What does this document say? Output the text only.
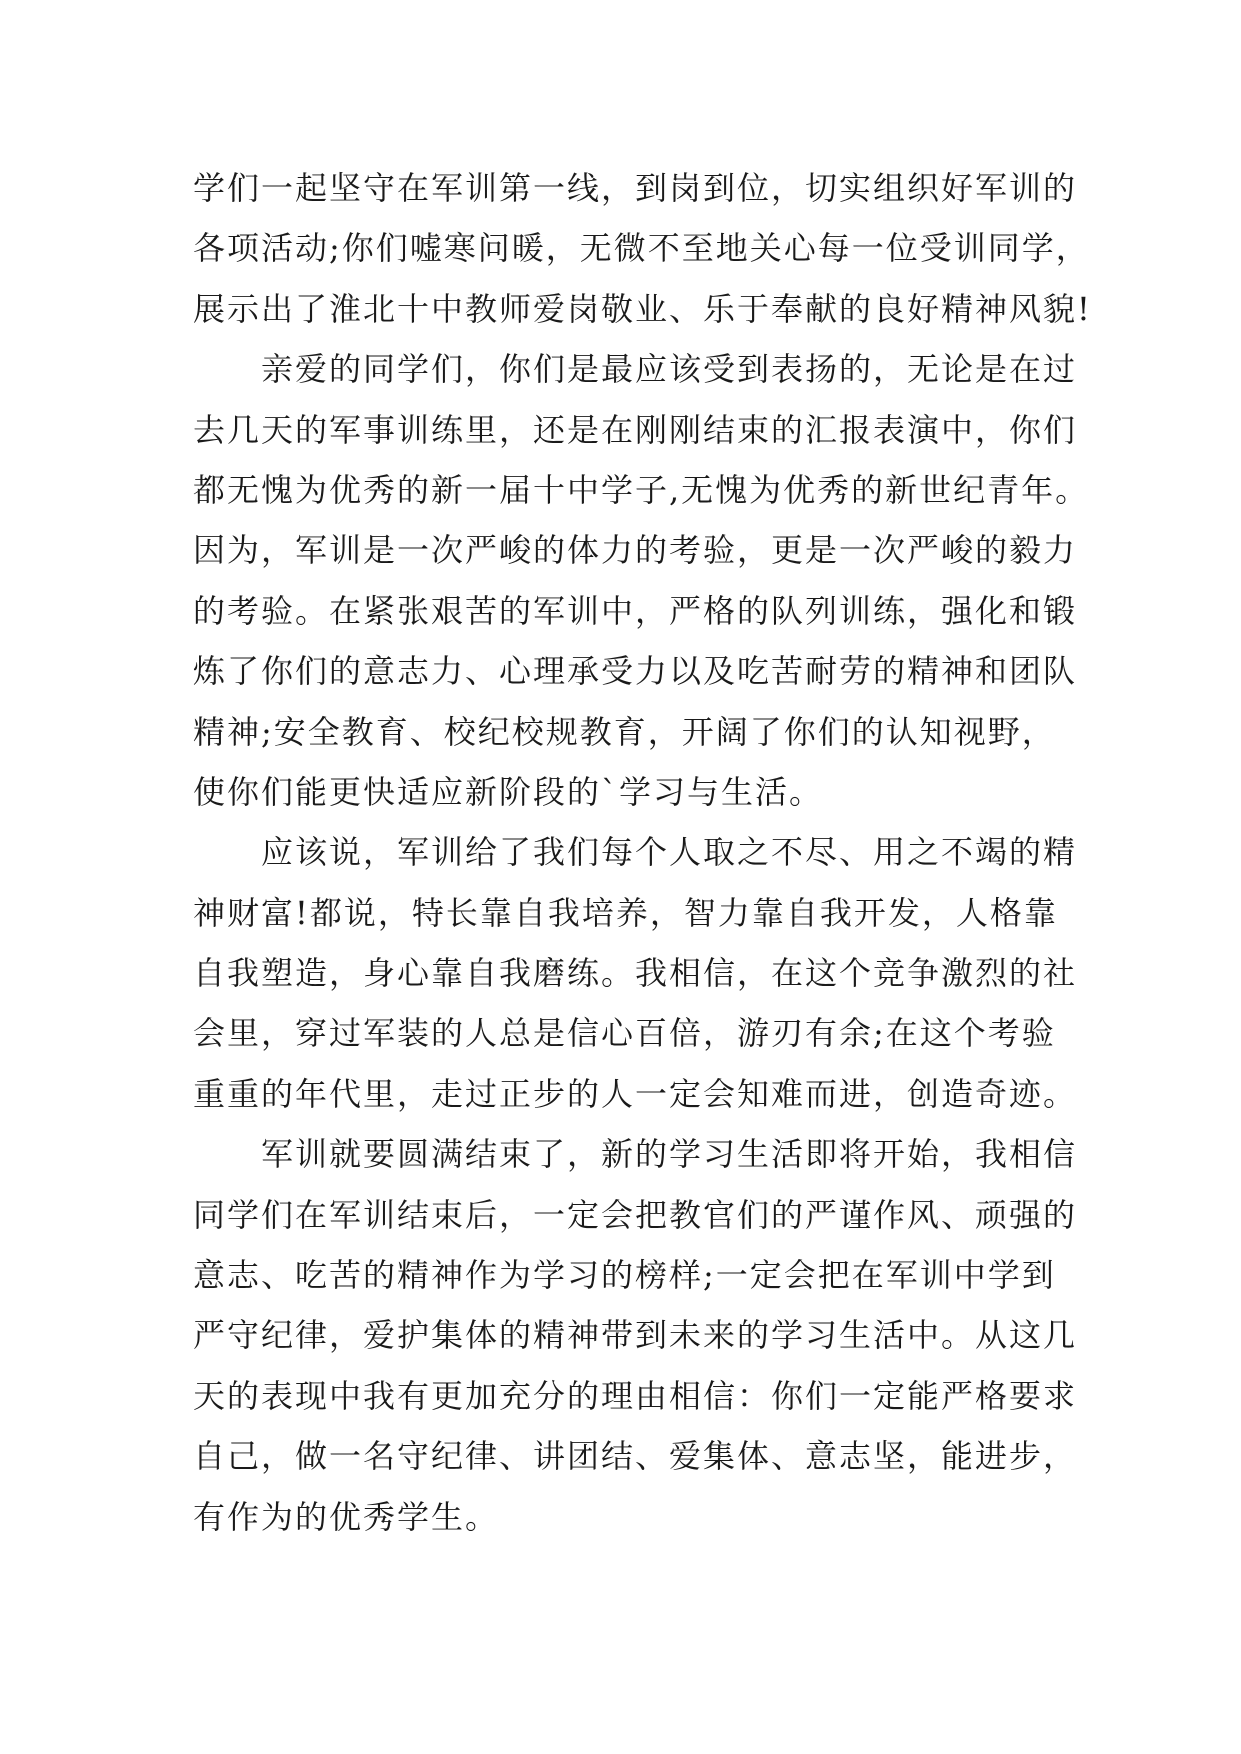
学们一起坚守在军训第一线，到岗到位，切实组织好军训的
各项活动;你们嘘寒问暖，无微不至地关心每一位受训同学，
展示出了淮北十中教师爱岗敬业、乐于奉献的良好精神风貌!
亲爱的同学们，你们是最应该受到表扬的，无论是在过
去几天的军事训练里，还是在刚刚结束的汇报表演中，你们
都无愧为优秀的新一届十中学子,无愧为优秀的新世纪青年。
因为，军训是一次严峻的体力的考验，更是一次严峻的毅力
的考验。在紧张艰苦的军训中，严格的队列训练，强化和锻
炼了你们的意志力、心理承受力以及吃苦耐劳的精神和团队
精神;安全教育、校纪校规教育，开阔了你们的认知视野，
使你们能更快适应新阶段的`学习与生活。
应该说，军训给了我们每个人取之不尽、用之不竭的精
神财富!都说，特长靠自我培养，智力靠自我开发，人格靠
自我塑造，身心靠自我磨练。我相信，在这个竞争激烈的社
会里，穿过军装的人总是信心百倍，游刃有余;在这个考验
重重的年代里，走过正步的人一定会知难而进，创造奇迹。
军训就要圆满结束了，新的学习生活即将开始，我相信
同学们在军训结束后，一定会把教官们的严谨作风、顽强的
意志、吃苦的精神作为学习的榜样;一定会把在军训中学到
严守纪律，爱护集体的精神带到未来的学习生活中。从这几
天的表现中我有更加充分的理由相信：你们一定能严格要求
自己，做一名守纪律、讲团结、爱集体、意志坚，能进步，
有作为的优秀学生。
